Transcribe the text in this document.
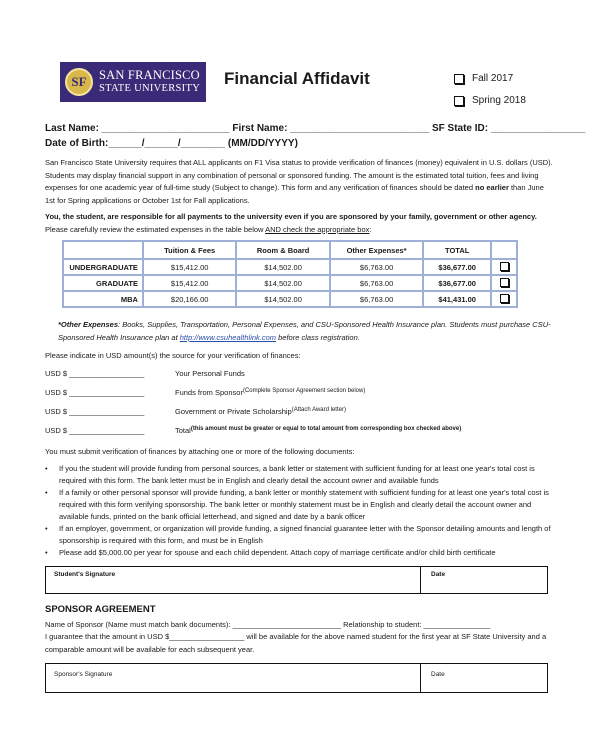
SF SAN FRANCISCO
STATE UNIVERSITY
Financial Affidavit	Fall 2017
Spring 2018
Last Name: _______________________ First Name: _________________________ SF State ID: _________________
Date of Birth:______/______/________ (MM/DD/YYYY)
San Francisco State University requires that ALL applicants on F1 Visa status to provide verification of finances (money) equivalent in U.S. dollars (USD). Students may display financial support in any combination of personal or sponsored funding. The amount is the estimated total tuition, fees and living expenses for one academic year of full-time study (Subject to change). This form and any verification of finances should be dated no earlier than June 1st for Spring applications or October 1st for Fall applications.
You, the student, are responsible for all payments to the university even if you are sponsored by your family, government or other agency. Please carefully review the estimated expenses in the table below AND check the appropriate box:
	Tuition & Fees	Room & Board	Other Expenses*	TOTAL	
UNDERGRADUATE	$15,412.00	$14,502.00	$6,763.00	$36,677.00	
GRADUATE	$15,412.00	$14,502.00	$6,763.00	$36,677.00	
MBA	$20,166.00	$14,502.00	$6,763.00	$41,431.00	
*Other Expenses: Books, Supplies, Transportation, Personal Expenses, and CSU-Sponsored Health Insurance plan. Students must purchase CSU-Sponsored Health Insurance plan at http://www.csuhealthlink.com before class registration.
Please indicate in USD amount(s) the source for your verification of finances:
USD $ __________________	Your Personal Funds
USD $ __________________	Funds from Sponsor (Complete Sponsor Agreement section below)
USD $ __________________	Government or Private Scholarship (Attach Award letter)
USD $ __________________	Total (this amount must be greater or equal to total amount from corresponding box checked above)
You must submit verification of finances by attaching one or more of the following documents:
•	If you the student will provide funding from personal sources, a bank letter or statement with sufficient funding for at least one year's total cost is required with this form. The bank letter must be in English and clearly detail the account owner and available funds
•	If a family or other personal sponsor will provide funding, a bank letter or monthly statement with sufficient funding for at least one year's total cost is required with this form verifying sponsorship. The bank letter or monthly statement must be in English and clearly detail the account owner and available funds, printed on the bank official letterhead, and signed and date by a bank officer
•	If an employer, government, or organization will provide funding, a signed financial guarantee letter with the Sponsor detailing amounts and length of sponsorship is required with this form, and must be in English
•	Please add $5,000.00 per year for spouse and each child dependent. Attach copy of marriage certificate and/or child birth certificate
Student's Signature	Date
SPONSOR AGREEMENT
Name of Sponsor (Name must match bank documents): __________________________ Relationship to student: ________________
I guarantee that the amount in USD $__________________ will be available for the above named student for the first year at SF State University and a comparable amount will be available for each subsequent year.
Sponsor's Signature	Date
